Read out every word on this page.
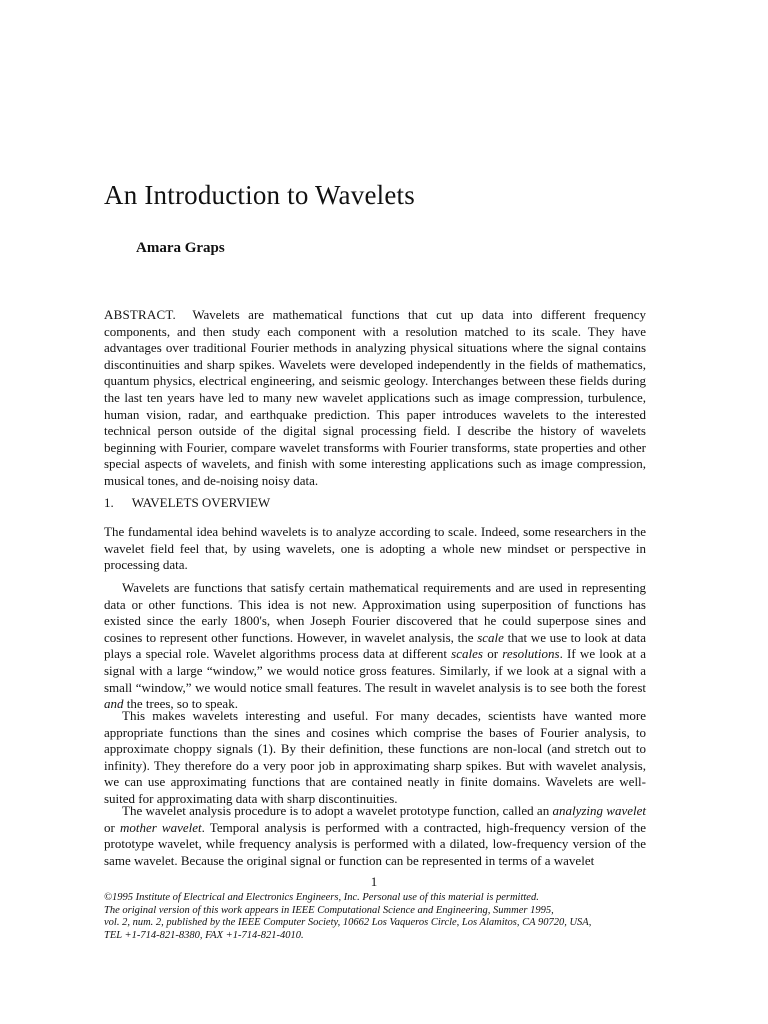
An Introduction to Wavelets

Amara Graps

ABSTRACT. Wavelets are mathematical functions that cut up data into different frequency components, and then study each component with a resolution matched to its scale. They have advantages over traditional Fourier methods in analyzing physical situations where the signal contains discontinuities and sharp spikes. Wavelets were developed independently in the fields of mathematics, quantum physics, electrical engineering, and seismic geology. Interchanges between these fields during the last ten years have led to many new wavelet applications such as image compression, turbulence, human vision, radar, and earthquake prediction. This paper introduces wavelets to the interested technical person outside of the digital signal processing field. I describe the history of wavelets beginning with Fourier, compare wavelet transforms with Fourier transforms, state properties and other special aspects of wavelets, and finish with some interesting applications such as image compression, musical tones, and de-noising noisy data.

1. WAVELETS OVERVIEW

The fundamental idea behind wavelets is to analyze according to scale. Indeed, some researchers in the wavelet field feel that, by using wavelets, one is adopting a whole new mindset or perspective in processing data.

Wavelets are functions that satisfy certain mathematical requirements and are used in representing data or other functions. This idea is not new. Approximation using superposition of functions has existed since the early 1800's, when Joseph Fourier discovered that he could superpose sines and cosines to represent other functions. However, in wavelet analysis, the scale that we use to look at data plays a special role. Wavelet algorithms process data at different scales or resolutions. If we look at a signal with a large “window,” we would notice gross features. Similarly, if we look at a signal with a small “window,” we would notice small features. The result in wavelet analysis is to see both the forest and the trees, so to speak.

This makes wavelets interesting and useful. For many decades, scientists have wanted more appropriate functions than the sines and cosines which comprise the bases of Fourier analysis, to approximate choppy signals (1). By their definition, these functions are non-local (and stretch out to infinity). They therefore do a very poor job in approximating sharp spikes. But with wavelet analysis, we can use approximating functions that are contained neatly in finite domains. Wavelets are well-suited for approximating data with sharp discontinuities.

The wavelet analysis procedure is to adopt a wavelet prototype function, called an analyzing wavelet or mother wavelet. Temporal analysis is performed with a contracted, high-frequency version of the prototype wavelet, while frequency analysis is performed with a dilated, low-frequency version of the same wavelet. Because the original signal or function can be represented in terms of a wavelet

1

©1995 Institute of Electrical and Electronics Engineers, Inc. Personal use of this material is permitted.
The original version of this work appears in IEEE Computational Science and Engineering, Summer 1995,
vol. 2, num. 2, published by the IEEE Computer Society, 10662 Los Vaqueros Circle, Los Alamitos, CA 90720, USA,
TEL +1-714-821-8380, FAX +1-714-821-4010.
